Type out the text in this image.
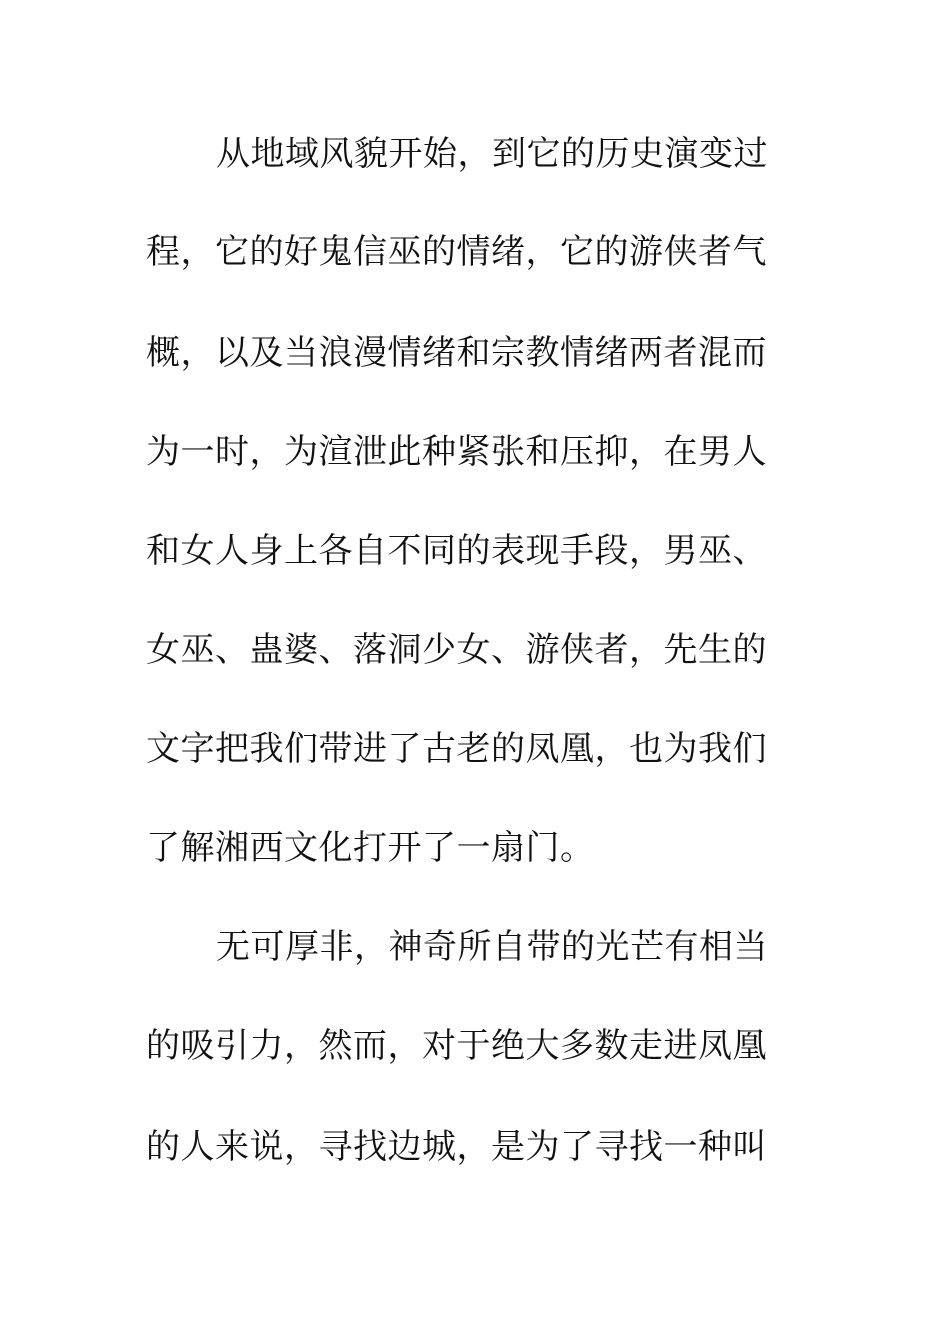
从地域风貌开始，到它的历史演变过
程，它的好鬼信巫的情绪，它的游侠者气
概，以及当浪漫情绪和宗教情绪两者混而
为一时，为渲泄此种紧张和压抑，在男人
和女人身上各自不同的表现手段，男巫、
女巫、蛊婆、落洞少女、游侠者，先生的
文字把我们带进了古老的凤凰，也为我们
了解湘西文化打开了一扇门。
无可厚非，神奇所自带的光芒有相当
的吸引力，然而，对于绝大多数走进凤凰
的人来说，寻找边城，是为了寻找一种叫
